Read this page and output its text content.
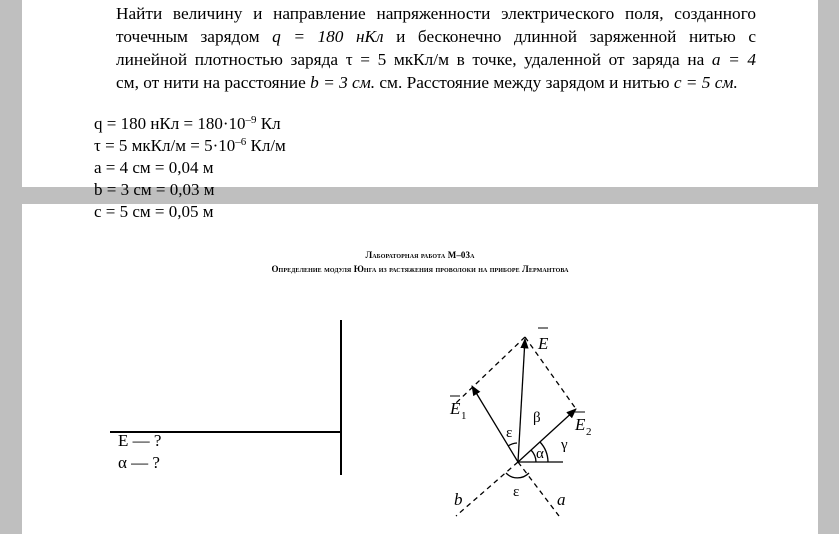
Найти величину и направление напряженности электрического поля, созданного
точечным зарядом q = 180 нКл и бесконечно длинной заряженной нитью с
линейной плотностью заряда τ = 5 мкКл/м в точке, удаленной от заряда на a = 4
см, от нити на расстояние b = 3 см. см. Расстояние между зарядом и нитью c = 5 см.
Лабораторная работа М–03а
Определение модуля Юнга из растяжения проволоки на приборе Лермантова
q = 180 нКл = $180\cdot 10^{-9}$ Кл
τ = 5 мкКл/м = $5\cdot 10^{-6}$ Кл/м
a = 4 см = 0,04 м
b = 3 см = 0,03 м
c = 5 см = 0,05 м
E — ?
α — ?
E
E 1	E 2
b	a
β
γ
ε
α
ε
